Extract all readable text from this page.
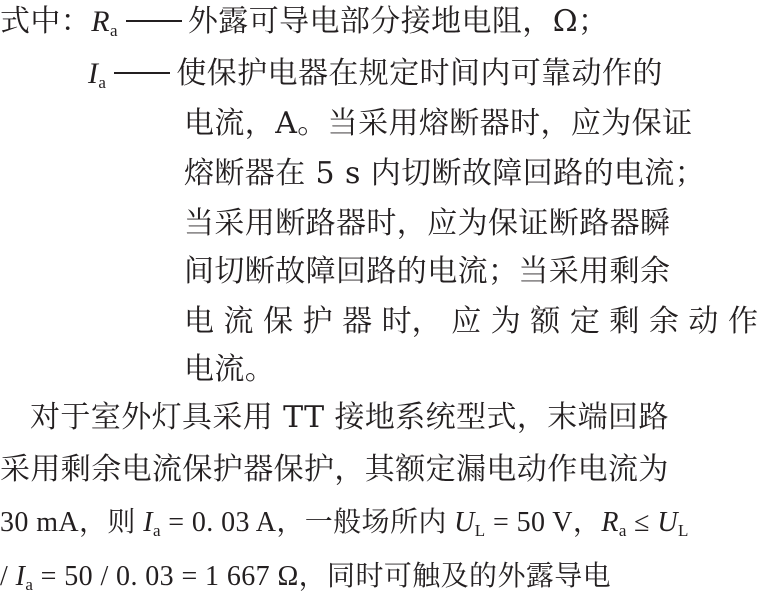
式中：$R_a$ 外露可导电部分接地电阻，Ω；
$I_a$ 使保护电器在规定时间内可靠动作的
电流，A。当采用熔断器时，应为保证
熔断器在 5 s 内切断故障回路的电流；
当采用断路器时，应为保证断路器瞬
间切断故障回路的电流；当采用剩余
电 流 保 护 器 时， 应 为 额 定 剩 余 动 作
电流。
对于室外灯具采用 TT 接地系统型式，末端回路
采用剩余电流保护器保护，其额定漏电动作电流为
30 mA，则 $I_a = 0$. 03 A，一般场所内 $U_L = 50$ V，$R_a \le U_L$
/ $I_a = 50 / 0$. 03 = 1 667 Ω，同时可触及的外露导电
